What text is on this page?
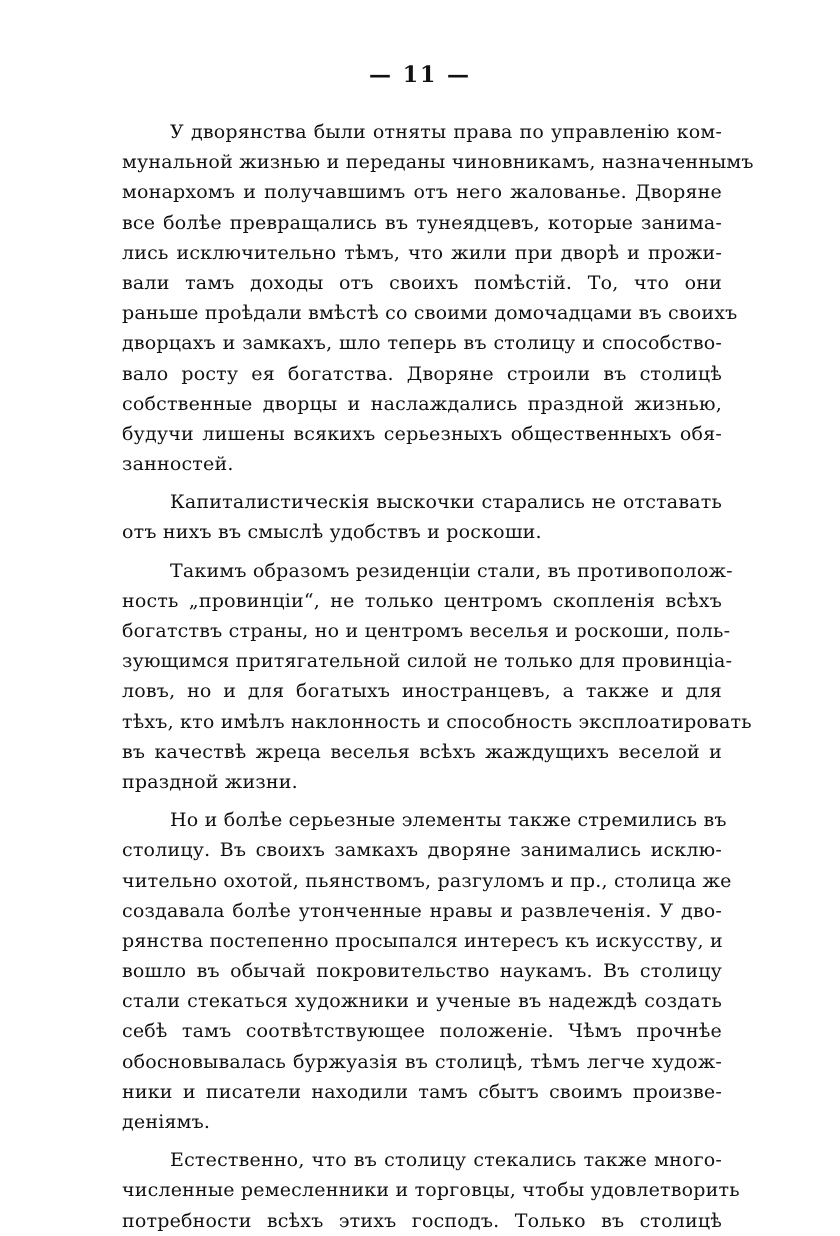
— 11 —
У дворянства были отняты права по управленію ком-
мунальной жизнью и переданы чиновникамъ, назначеннымъ
монархомъ и получавшимъ отъ него жалованье. Дворяне
все болѣе превращались въ тунеядцевъ, которые занима-
лись исключительно тѣмъ, что жили при дворѣ и прожи-
вали тамъ доходы отъ своихъ помѣстій. То, что они
раньше проѣдали вмѣстѣ со своими домочадцами въ своихъ
дворцахъ и замкахъ, шло теперь въ столицу и способство-
вало росту ея богатства. Дворяне строили въ столицѣ
собственные дворцы и наслаждались праздной жизнью,
будучи лишены всякихъ серьезныхъ общественныхъ обя-
занностей.
Капиталистическія выскочки старались не отставать
отъ нихъ въ смыслѣ удобствъ и роскоши.
Такимъ образомъ резиденціи стали, въ противополож-
ность „провинціи“, не только центромъ скопленія всѣхъ
богатствъ страны, но и центромъ веселья и роскоши, поль-
зующимся притягательной силой не только для провинціа-
ловъ, но и для богатыхъ иностранцевъ, а также и для
тѣхъ, кто имѣлъ наклонность и способность эксплоатировать
въ качествѣ жреца веселья всѣхъ жаждущихъ веселой и
праздной жизни.
Но и болѣе серьезные элементы также стремились въ
столицу. Въ своихъ замкахъ дворяне занимались исклю-
чительно охотой, пьянствомъ, разгуломъ и пр., столица же
создавала болѣе утонченные нравы и развлеченія. У дво-
рянства постепенно просыпался интересъ къ искусству, и
вошло въ обычай покровительство наукамъ. Въ столицу
стали стекаться художники и ученые въ надеждѣ создать
себѣ тамъ соотвѣтствующее положеніе. Чѣмъ прочнѣе
обосновывалась буржуазія въ столицѣ, тѣмъ легче худож-
ники и писатели находили тамъ сбытъ своимъ произве-
деніямъ.
Естественно, что въ столицу стекались также много-
численные ремесленники и торговцы, чтобы удовлетворить
потребности всѣхъ этихъ господъ. Только въ столицѣ
